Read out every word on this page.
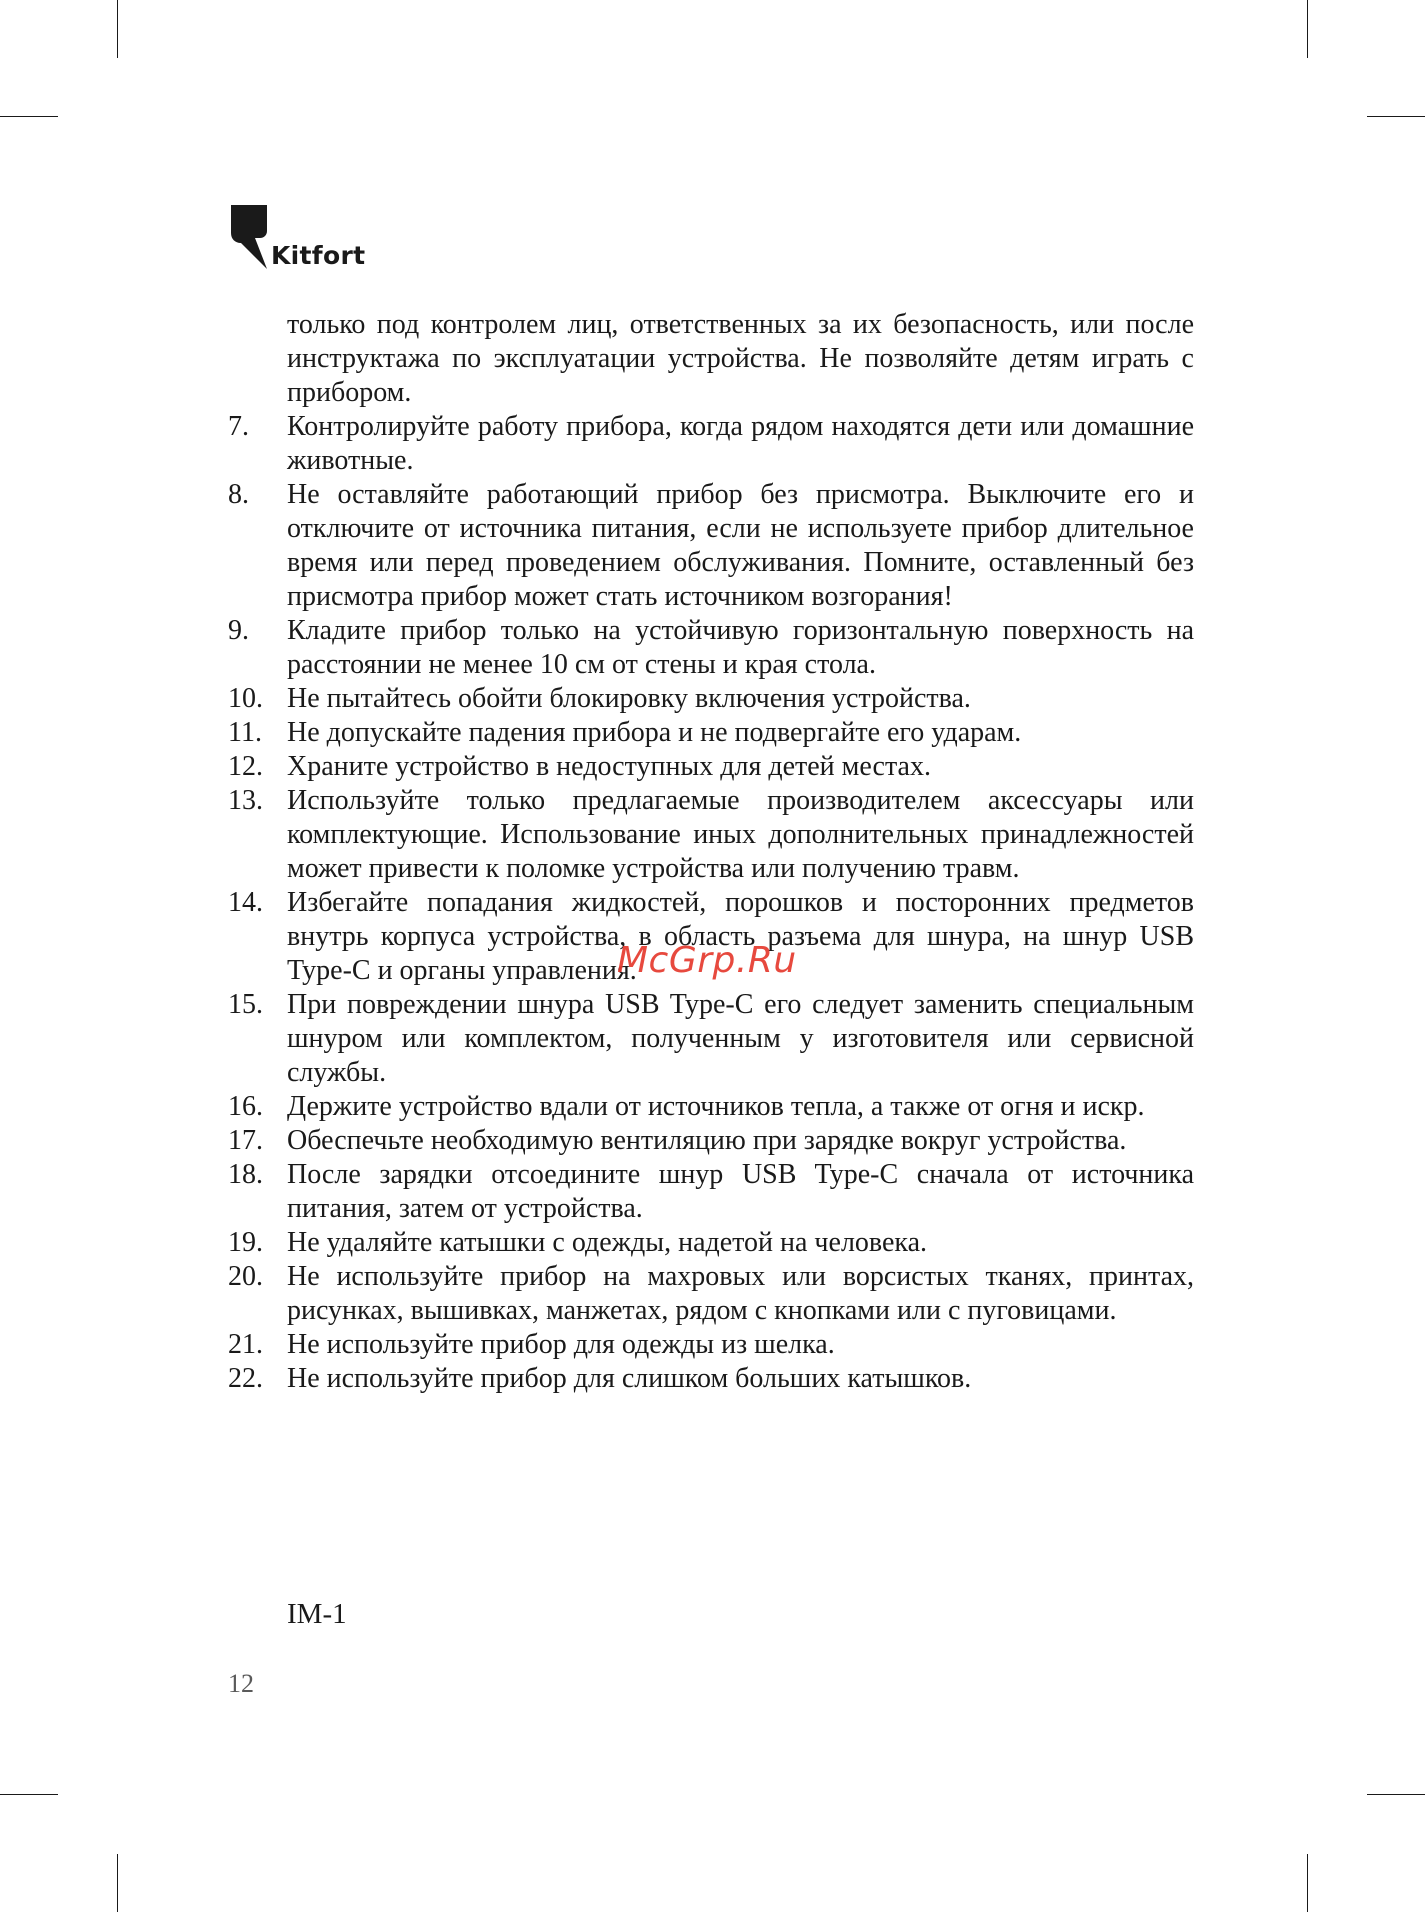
Kitfort

только под контролем лиц, ответственных за их безопасность, или после инструктажа по эксплуатации устройства. Не позволяйте детям играть с прибором.

7.	Контролируйте работу прибора, когда рядом находятся дети или домашние животные.
8.	Не оставляйте работающий прибор без присмотра. Выключите его и отключите от источника питания, если не используете прибор длительное время или перед проведением обслуживания. Помните, оставленный без присмотра прибор может стать источником возгорания!
9.	Кладите прибор только на устойчивую горизонтальную поверхность на расстоянии не менее 10 см от стены и края стола.
10. Не пытайтесь обойти блокировку включения устройства.
11. Не допускайте падения прибора и не подвергайте его ударам.
12. Храните устройство в недоступных для детей местах.
13. Используйте только предлагаемые производителем аксессуары или комплектующие. Использование иных дополнительных принадлежностей может привести к поломке устройства или получению травм.
14. Избегайте попадания жидкостей, порошков и посторонних предметов внутрь корпуса устройства, в область разъема для шнура, на шнур USB Type-C и органы управления.
15. При повреждении шнура USB Type-C его следует заменить специальным шнуром или комплектом, полученным у изготовителя или сервисной службы.
16. Держите устройство вдали от источников тепла, а также от огня и искр.
17. Обеспечьте необходимую вентиляцию при зарядке вокруг устройства.
18. После зарядки отсоедините шнур USB Type-C сначала от источника питания, затем от устройства.
19. Не удаляйте катышки с одежды, надетой на человека.
20. Не используйте прибор на махровых или ворсистых тканях, принтах, рисунках, вышивках, манжетах, рядом с кнопками или с пуговицами.
21. Не используйте прибор для одежды из шелка.
22. Не используйте прибор для слишком больших катышков.
IM-1
12
McGrp.Ru
